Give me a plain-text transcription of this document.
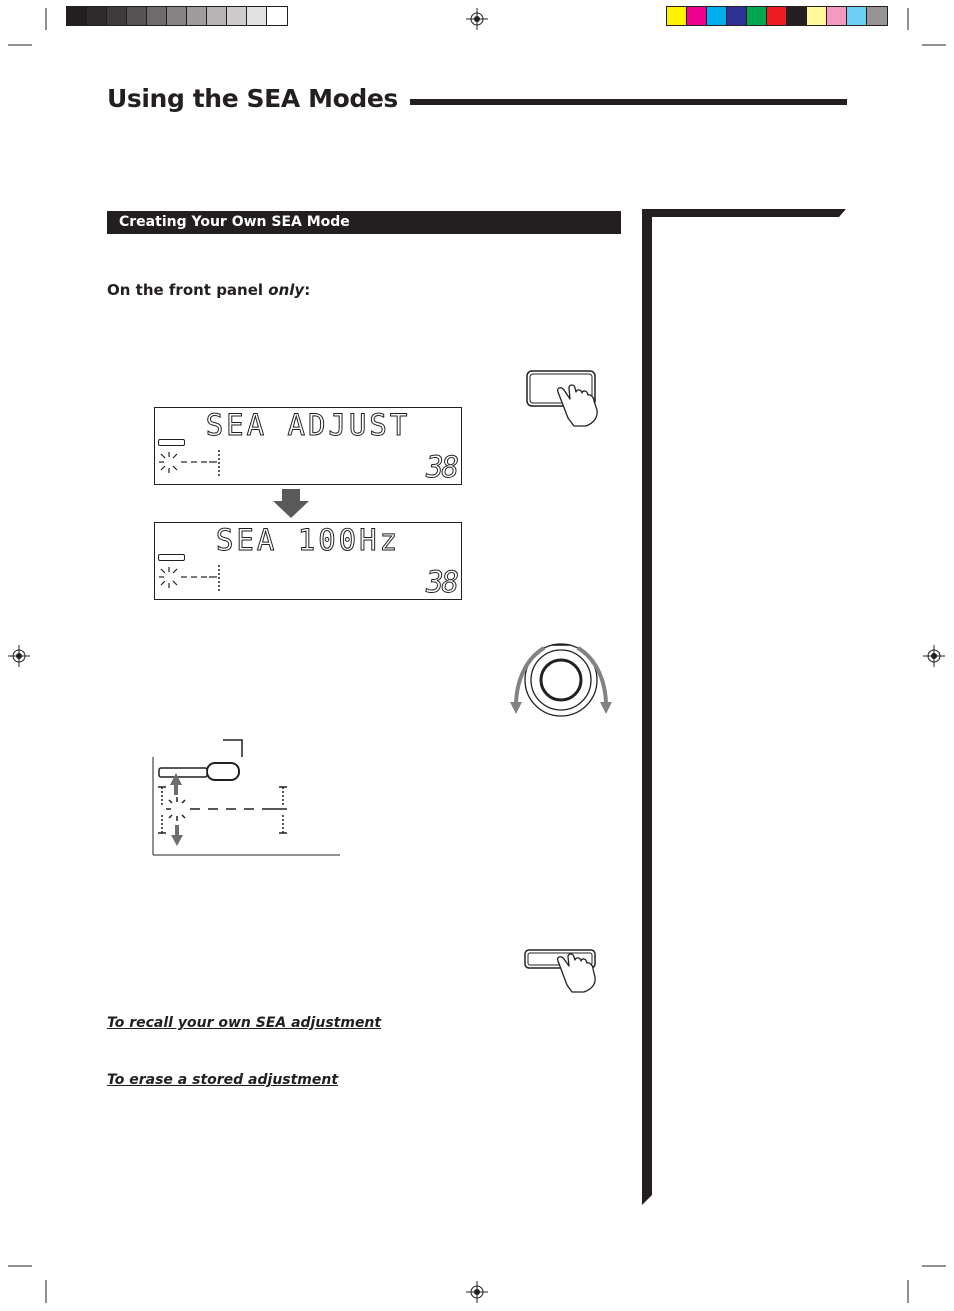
Using the SEA Modes
Creating Your Own SEA Mode
On the front panel only:
SEA ADJUST
38
SEA 100Hz
38
To recall your own SEA adjustment
To erase a stored adjustment
